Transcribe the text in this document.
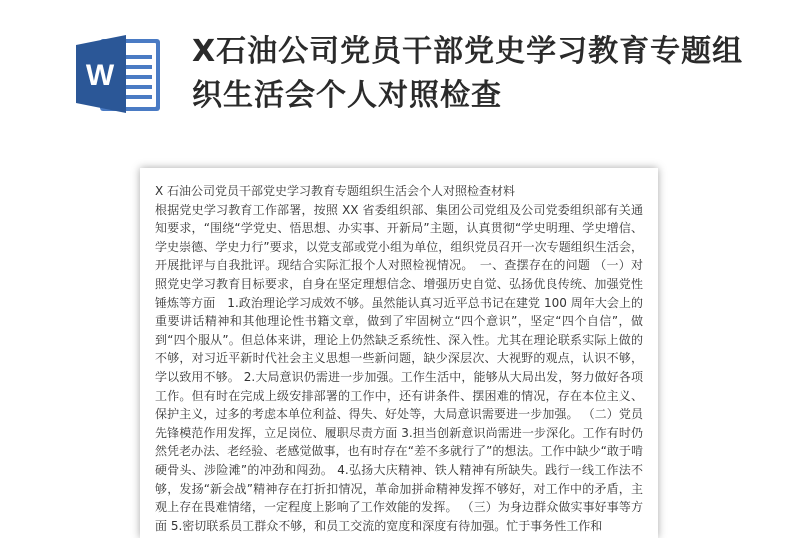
W
X石油公司党员干部党史学习教育专题组织生活会个人对照检查
X 石油公司党员干部党史学习教育专题组织生活会个人对照检查材料
根据党史学习教育工作部署，按照 XX 省委组织部、集团公司党组及公司党委组织部有关通知要求，“围绕“学党史、悟思想、办实事、开新局”主题，认真贯彻“学史明理、学史增信、学史崇德、学史力行”要求，以党支部或党小组为单位，组织党员召开一次专题组织生活会，开展批评与自我批评。现结合实际汇报个人对照检视情况。　一、查摆存在的问题 （一）对照党史学习教育目标要求，自身在坚定理想信念、增强历史自觉、弘扬优良传统、加强党性锤炼等方面　1.政治理论学习成效不够。虽然能认真习近平总书记在建党 100 周年大会上的重要讲话精神和其他理论性书籍文章，做到了牢固树立“四个意识”，坚定“四个自信”，做到“四个服从”。但总体来讲，理论上仍然缺乏系统性、深入性。尤其在理论联系实际上做的不够，对习近平新时代社会主义思想一些新问题，缺少深层次、大视野的观点，认识不够，学以致用不够。 2.大局意识仍需进一步加强。工作生活中，能够从大局出发，努力做好各项工作。但有时在完成上级安排部署的工作中，还有讲条件、摆困难的情况，存在本位主义、保护主义，过多的考虑本单位利益、得失、好处等，大局意识需要进一步加强。 （二）党员先锋模范作用发挥，立足岗位、履职尽责方面 3.担当创新意识尚需进一步深化。工作有时仍然凭老办法、老经验、老感觉做事，也有时存在“差不多就行了”的想法。工作中缺少“敢于啃硬骨头、涉险滩”的冲劲和闯劲。 4.弘扬大庆精神、铁人精神有所缺失。践行一线工作法不够，发扬“新会战”精神存在打折扣情况，革命加拼命精神发挥不够好，对工作中的矛盾，主观上存在畏难情绪，一定程度上影响了工作效能的发挥。 （三）为身边群众做实事好事等方面 5.密切联系员工群众不够，和员工交流的宽度和深度有待加强。忙于事务性工作和
